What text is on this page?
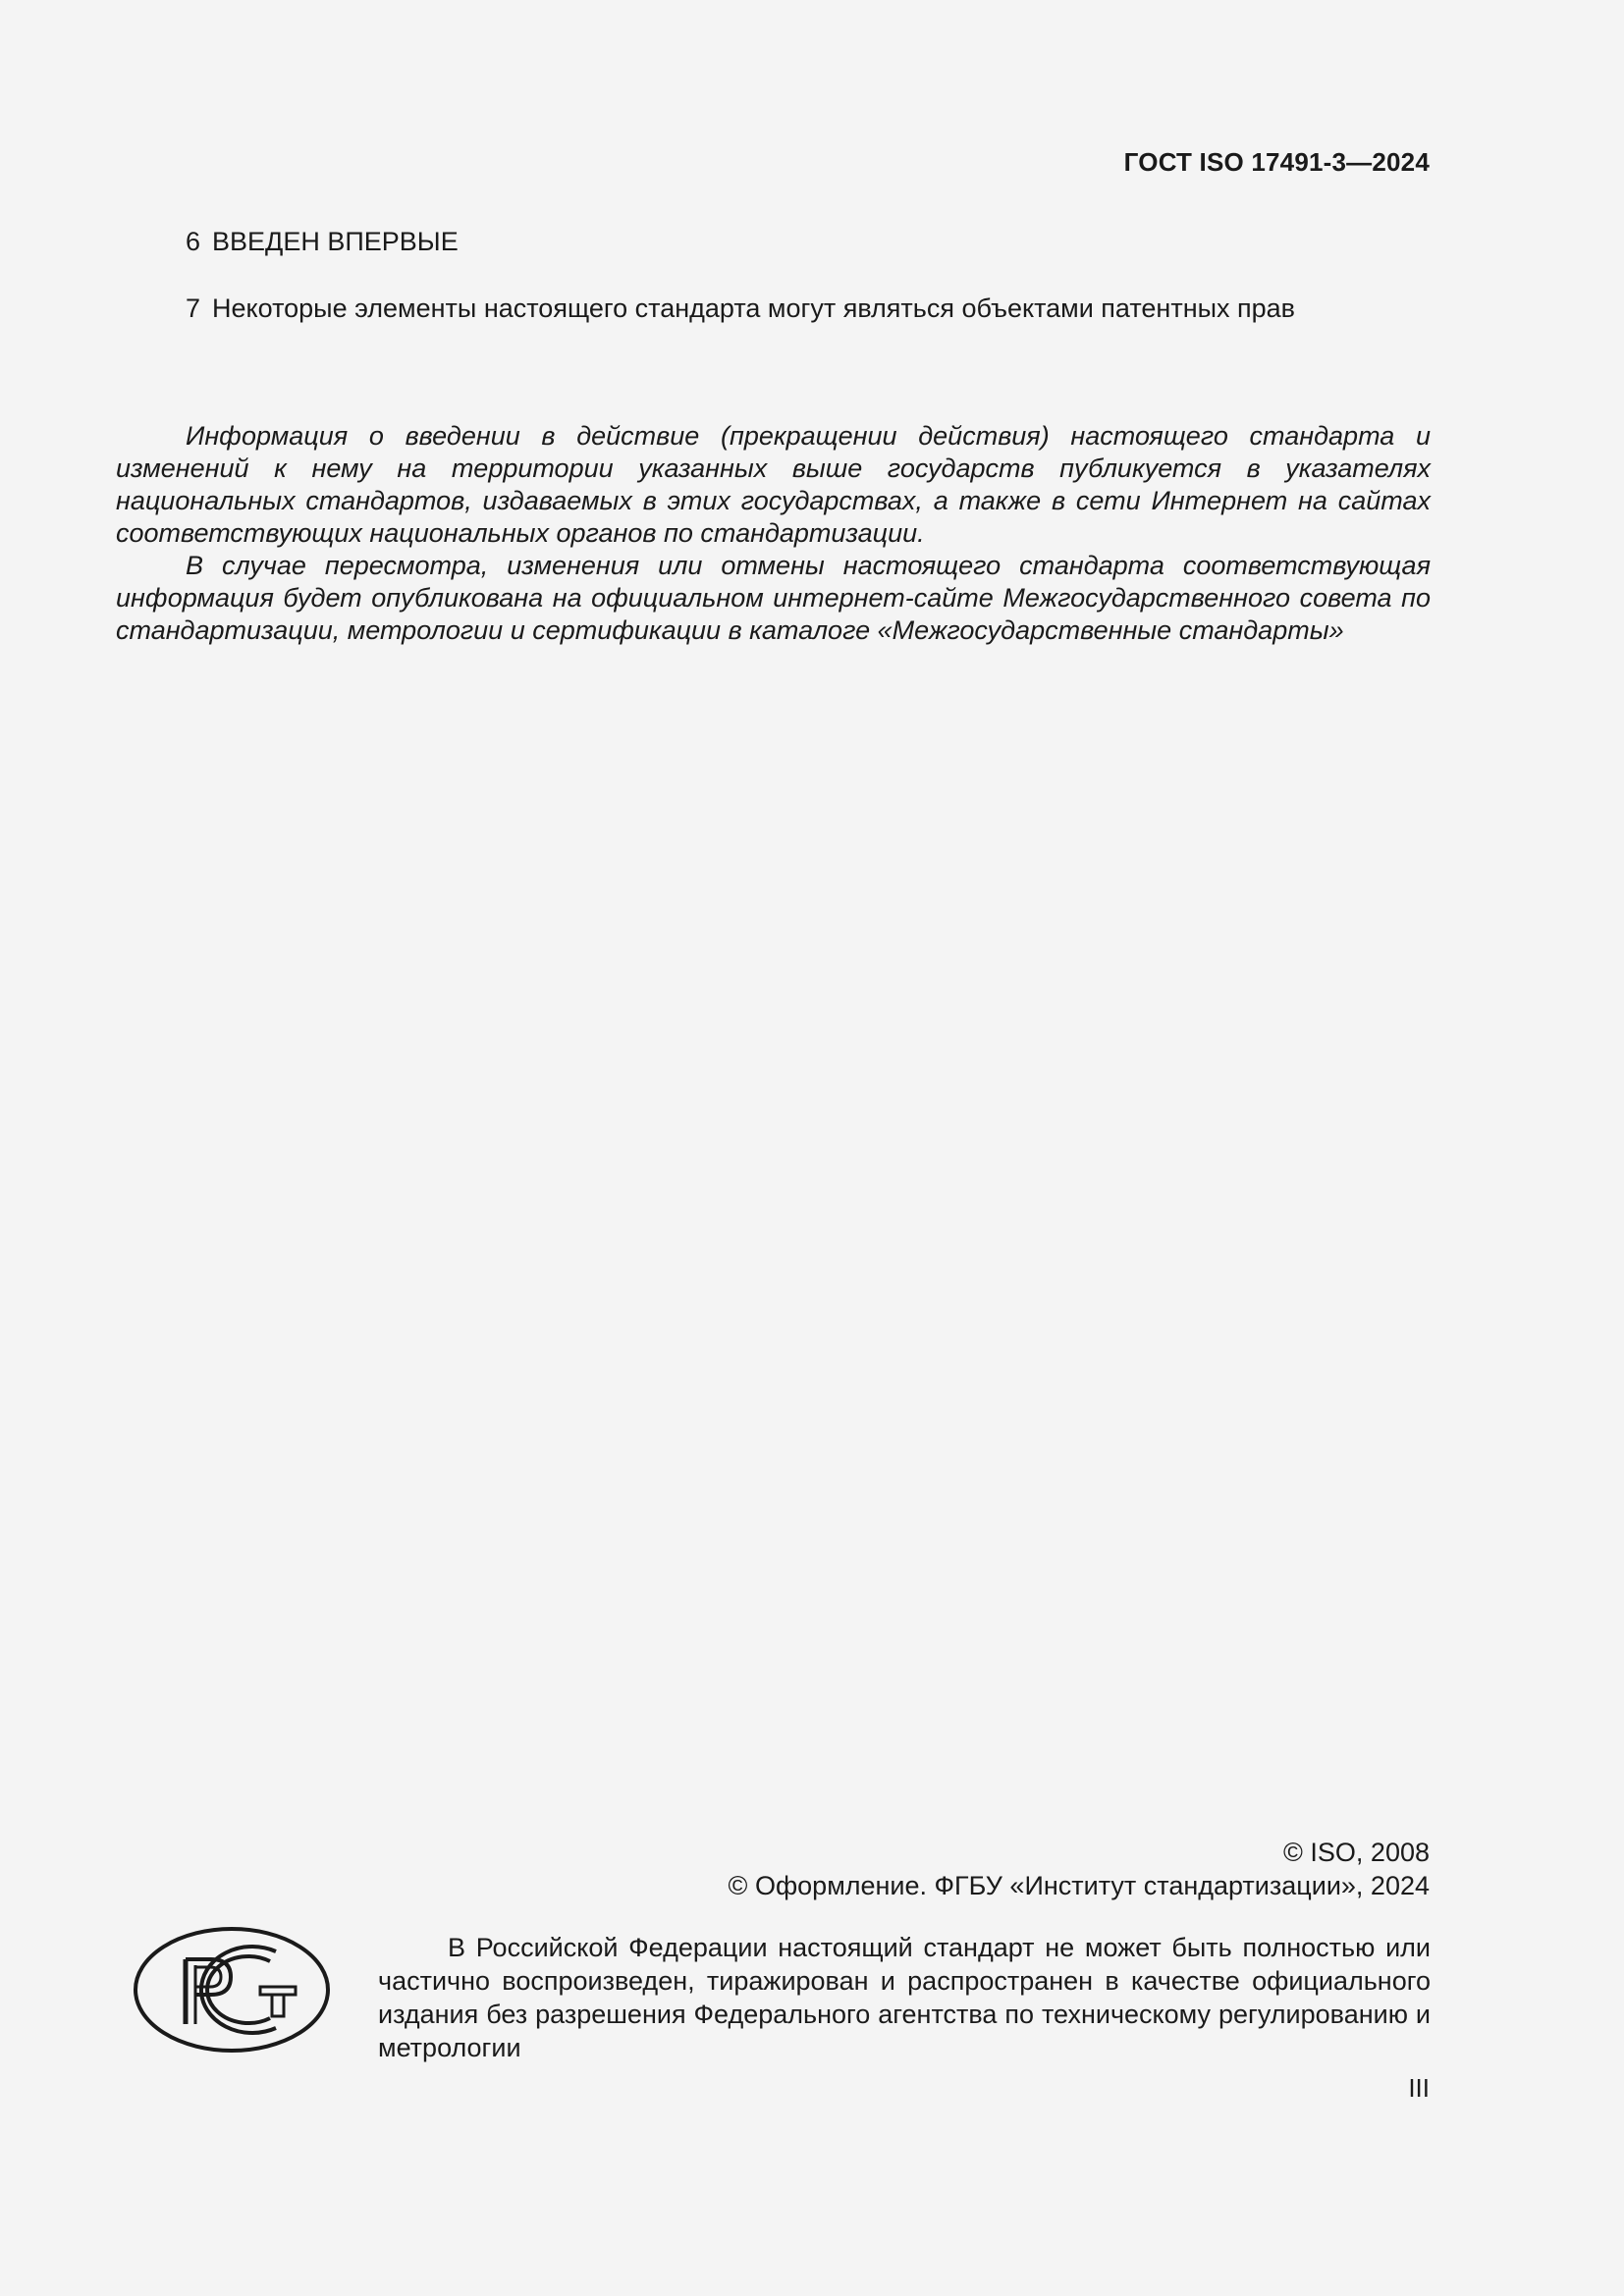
ГОСТ ISO 17491-3—2024
6 ВВЕДЕН ВПЕРВЫЕ
7 Некоторые элементы настоящего стандарта могут являться объектами патентных прав

Информация о введении в действие (прекращении действия) настоящего стандарта и изменений к нему на территории указанных выше государств публикуется в указателях национальных стандартов, издаваемых в этих государствах, а также в сети Интернет на сайтах соответствующих национальных органов по стандартизации.

В случае пересмотра, изменения или отмены настоящего стандарта соответствующая информация будет опубликована на официальном интернет-сайте Межгосударственного совета по стандартизации, метрологии и сертификации в каталоге «Межгосударственные стандарты»

© ISO, 2008
© Оформление. ФГБУ «Институт стандартизации», 2024

В Российской Федерации настоящий стандарт не может быть полностью или частично воспроизведен, тиражирован и распространен в качестве официального издания без разрешения Федерального агентства по техническому регулированию и метрологии

III
